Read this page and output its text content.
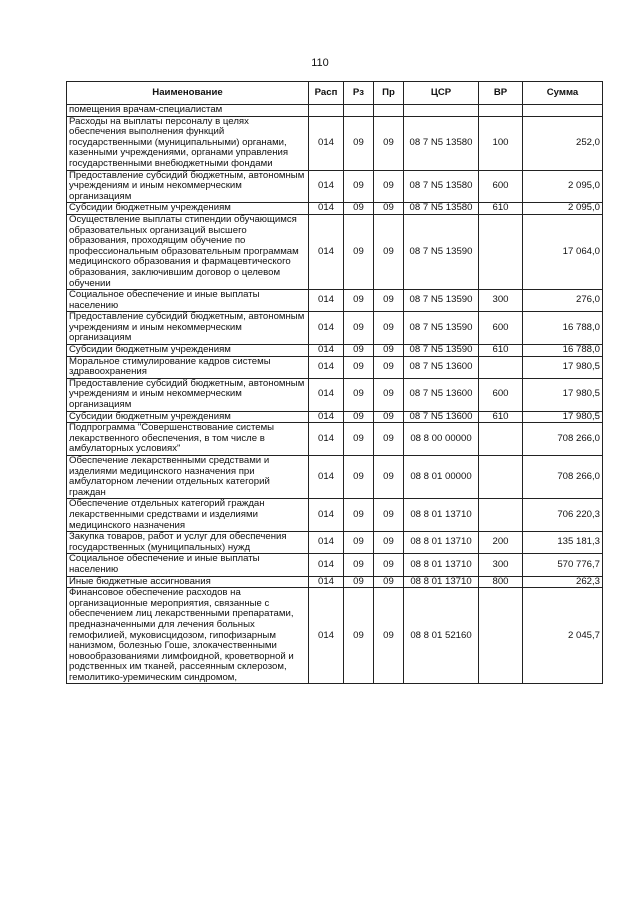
110
Наименование	Расп	Рз	Пр	ЦСР	ВР	Сумма
помещения врачам-специалистам						
Расходы на выплаты персоналу в целях обеспечения выполнения функций государственными (муниципальными) органами, казенными учреждениями, органами управления государственными внебюджетными фондами	014	09	09	08 7 N5 13580	100	252,0
Предоставление субсидий бюджетным, автономным учреждениям и иным некоммерческим организациям	014	09	09	08 7 N5 13580	600	2 095,0
Субсидии бюджетным учреждениям	014	09	09	08 7 N5 13580	610	2 095,0
Осуществление выплаты стипендии обучающимся образовательных организаций высшего образования, проходящим обучение по профессиональным образовательным программам медицинского образования и фармацевтического образования, заключившим договор о целевом обучении	014	09	09	08 7 N5 13590		17 064,0
Социальное обеспечение и иные выплаты населению	014	09	09	08 7 N5 13590	300	276,0
Предоставление субсидий бюджетным, автономным учреждениям и иным некоммерческим организациям	014	09	09	08 7 N5 13590	600	16 788,0
Субсидии бюджетным учреждениям	014	09	09	08 7 N5 13590	610	16 788,0
Моральное стимулирование кадров системы здравоохранения	014	09	09	08 7 N5 13600		17 980,5
Предоставление субсидий бюджетным, автономным учреждениям и иным некоммерческим организациям	014	09	09	08 7 N5 13600	600	17 980,5
Субсидии бюджетным учреждениям	014	09	09	08 7 N5 13600	610	17 980,5
Подпрограмма "Совершенствование системы лекарственного обеспечения, в том числе в амбулаторных условиях"	014	09	09	08 8 00 00000		708 266,0
Обеспечение лекарственными средствами и изделиями медицинского назначения при амбулаторном лечении отдельных категорий граждан	014	09	09	08 8 01 00000		708 266,0
Обеспечение отдельных категорий граждан лекарственными средствами и изделиями медицинского назначения	014	09	09	08 8 01 13710		706 220,3
Закупка товаров, работ и услуг для обеспечения государственных (муниципальных) нужд	014	09	09	08 8 01 13710	200	135 181,3
Социальное обеспечение и иные выплаты населению	014	09	09	08 8 01 13710	300	570 776,7
Иные бюджетные ассигнования	014	09	09	08 8 01 13710	800	262,3
Финансовое обеспечение расходов на организационные мероприятия, связанные с обеспечением лиц лекарственными препаратами, предназначенными для лечения больных гемофилией, муковисцидозом, гипофизарным нанизмом, болезнью Гоше, злокачественными новообразованиями лимфоидной, кроветворной и родственных им тканей, рассеянным склерозом, гемолитико-уремическим синдромом,	014	09	09	08 8 01 52160		2 045,7
